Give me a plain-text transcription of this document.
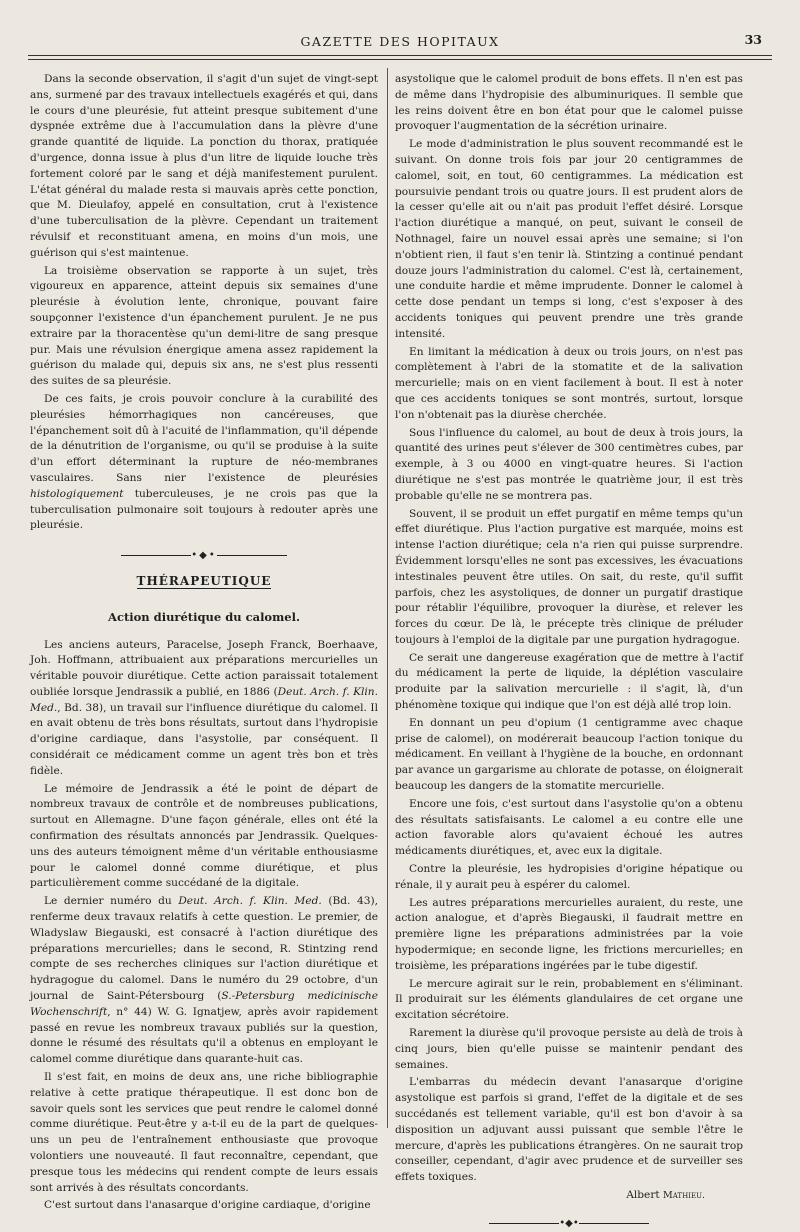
GAZETTE DES HOPITAUX	33

Dans la seconde observation, il s'agit d'un sujet de vingt-sept ans, surmené par des travaux intellectuels exagérés et qui, dans le cours d'une pleurésie, fut atteint presque subitement d'une dyspnée extrême due à l'accumulation dans la plèvre d'une grande quantité de liquide. La ponction du thorax, pratiquée d'urgence, donna issue à plus d'un litre de liquide louche très fortement coloré par le sang et déjà manifestement purulent. L'état général du malade resta si mauvais après cette ponction, que M. Dieulafoy, appelé en consultation, crut à l'existence d'une tuberculisation de la plèvre. Cependant un traitement révulsif et reconstituant amena, en moins d'un mois, une guérison qui s'est maintenue.

La troisième observation se rapporte à un sujet, très vigoureux en apparence, atteint depuis six semaines d'une pleurésie à évolution lente, chronique, pouvant faire soupçonner l'existence d'un épanchement purulent. Je ne pus extraire par la thoracentèse qu'un demi-litre de sang presque pur. Mais une révulsion énergique amena assez rapidement la guérison du malade qui, depuis six ans, ne s'est plus ressenti des suites de sa pleurésie.

De ces faits, je crois pouvoir conclure à la curabilité des pleurésies hémorrhagiques non cancéreuses, que l'épanchement soit dû à l'acuité de l'inflammation, qu'il dépende de la dénutrition de l'organisme, ou qu'il se produise à la suite d'un effort déterminant la rupture de néo-membranes vasculaires. Sans nier l'existence de pleurésies histologiquement tuberculeuses, je ne crois pas que la tuberculisation pulmonaire soit toujours à redouter après une pleurésie.

•◆•
THÉRAPEUTIQUE
Action diurétique du calomel.

Les anciens auteurs, Paracelse, Joseph Franck, Boerhaave, Joh. Hoffmann, attribuaient aux préparations mercurielles un véritable pouvoir diurétique. Cette action paraissait totalement oubliée lorsque Jendrassik a publié, en 1886 (Deut. Arch. f. Klin. Med., Bd. 38), un travail sur l'influence diurétique du calomel. Il en avait obtenu de très bons résultats, surtout dans l'hydropisie d'origine cardiaque, dans l'asystolie, par conséquent. Il considérait ce médicament comme un agent très bon et très fidèle.

Le mémoire de Jendrassik a été le point de départ de nombreux travaux de contrôle et de nombreuses publications, surtout en Allemagne. D'une façon générale, elles ont été la confirmation des résultats annoncés par Jendrassik. Quelques-uns des auteurs témoignent même d'un véritable enthousiasme pour le calomel donné comme diurétique, et plus particulièrement comme succédané de la digitale.

Le dernier numéro du Deut. Arch. f. Klin. Med. (Bd. 43), renferme deux travaux relatifs à cette question. Le premier, de Wladyslaw Biegauski, est consacré à l'action diurétique des préparations mercurielles; dans le second, R. Stintzing rend compte de ses recherches cliniques sur l'action diurétique et hydragogue du calomel. Dans le numéro du 29 octobre, d'un journal de Saint-Pétersbourg (S.-Petersburg medicinische Wochenschrift, n° 44) W. G. Ignatjew, après avoir rapidement passé en revue les nombreux travaux publiés sur la question, donne le résumé des résultats qu'il a obtenus en employant le calomel comme diurétique dans quarante-huit cas.

Il s'est fait, en moins de deux ans, une riche bibliographie relative à cette pratique thérapeutique. Il est donc bon de savoir quels sont les services que peut rendre le calomel donné comme diurétique. Peut-être y a-t-il eu de la part de quelques-uns un peu de l'entraînement enthousiaste que provoque volontiers une nouveauté. Il faut reconnaître, cependant, que presque tous les médecins qui rendent compte de leurs essais sont arrivés à des résultats concordants.

C'est surtout dans l'anasarque d'origine cardiaque, d'origine

asystolique que le calomel produit de bons effets. Il n'en est pas de même dans l'hydropisie des albuminuriques. Il semble que les reins doivent être en bon état pour que le calomel puisse provoquer l'augmentation de la sécrétion urinaire.

Le mode d'administration le plus souvent recommandé est le suivant. On donne trois fois par jour 20 centigrammes de calomel, soit, en tout, 60 centigrammes. La médication est poursuivie pendant trois ou quatre jours. Il est prudent alors de la cesser qu'elle ait ou n'ait pas produit l'effet désiré. Lorsque l'action diurétique a manqué, on peut, suivant le conseil de Nothnagel, faire un nouvel essai après une semaine; si l'on n'obtient rien, il faut s'en tenir là. Stintzing a continué pendant douze jours l'administration du calomel. C'est là, certainement, une conduite hardie et même imprudente. Donner le calomel à cette dose pendant un temps si long, c'est s'exposer à des accidents toniques qui peuvent prendre une très grande intensité.

En limitant la médication à deux ou trois jours, on n'est pas complètement à l'abri de la stomatite et de la salivation mercurielle; mais on en vient facilement à bout. Il est à noter que ces accidents toniques se sont montrés, surtout, lorsque l'on n'obtenait pas la diurèse cherchée.

Sous l'influence du calomel, au bout de deux à trois jours, la quantité des urines peut s'élever de 300 centimètres cubes, par exemple, à 3 ou 4000 en vingt-quatre heures. Si l'action diurétique ne s'est pas montrée le quatrième jour, il est très probable qu'elle ne se montrera pas.

Souvent, il se produit un effet purgatif en même temps qu'un effet diurétique. Plus l'action purgative est marquée, moins est intense l'action diurétique; cela n'a rien qui puisse surprendre. Évidemment lorsqu'elles ne sont pas excessives, les évacuations intestinales peuvent être utiles. On sait, du reste, qu'il suffit parfois, chez les asystoliques, de donner un purgatif drastique pour rétablir l'équilibre, provoquer la diurèse, et relever les forces du cœur. De là, le précepte très clinique de préluder toujours à l'emploi de la digitale par une purgation hydragogue.

Ce serait une dangereuse exagération que de mettre à l'actif du médicament la perte de liquide, la déplétion vasculaire produite par la salivation mercurielle : il s'agit, là, d'un phénomène toxique qui indique que l'on est déjà allé trop loin.

En donnant un peu d'opium (1 centigramme avec chaque prise de calomel), on modérerait beaucoup l'action tonique du médicament. En veillant à l'hygiène de la bouche, en ordonnant par avance un gargarisme au chlorate de potasse, on éloignerait beaucoup les dangers de la stomatite mercurielle.

Encore une fois, c'est surtout dans l'asystolie qu'on a obtenu des résultats satisfaisants. Le calomel a eu contre elle une action favorable alors qu'avaient échoué les autres médicaments diurétiques, et, avec eux la digitale.

Contre la pleurésie, les hydropisies d'origine hépatique ou rénale, il y aurait peu à espérer du calomel.

Les autres préparations mercurielles auraient, du reste, une action analogue, et d'après Biegauski, il faudrait mettre en première ligne les préparations administrées par la voie hypodermique; en seconde ligne, les frictions mercurielles; en troisième, les préparations ingérées par le tube digestif.

Le mercure agirait sur le rein, probablement en s'éliminant. Il produirait sur les éléments glandulaires de cet organe une excitation sécrétoire.

Rarement la diurèse qu'il provoque persiste au delà de trois à cinq jours, bien qu'elle puisse se maintenir pendant des semaines.

L'embarras du médecin devant l'anasarque d'origine asystolique est parfois si grand, l'effet de la digitale et de ses succédanés est tellement variable, qu'il est bon d'avoir à sa disposition un adjuvant aussi puissant que semble l'être le mercure, d'après les publications étrangères. On ne saurait trop conseiller, cependant, d'agir avec prudence et de surveiller ses effets toxiques.

Albert Mathieu.
•◆•
